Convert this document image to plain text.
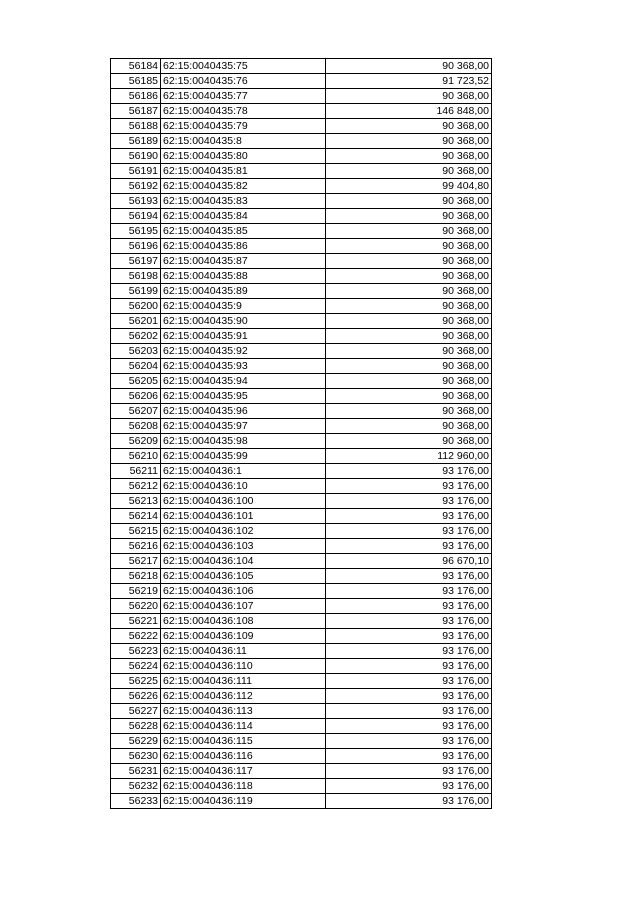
56184	62:15:0040435:75	90 368,00
56185	62:15:0040435:76	91 723,52
56186	62:15:0040435:77	90 368,00
56187	62:15:0040435:78	146 848,00
56188	62:15:0040435:79	90 368,00
56189	62:15:0040435:8	90 368,00
56190	62:15:0040435:80	90 368,00
56191	62:15:0040435:81	90 368,00
56192	62:15:0040435:82	99 404,80
56193	62:15:0040435:83	90 368,00
56194	62:15:0040435:84	90 368,00
56195	62:15:0040435:85	90 368,00
56196	62:15:0040435:86	90 368,00
56197	62:15:0040435:87	90 368,00
56198	62:15:0040435:88	90 368,00
56199	62:15:0040435:89	90 368,00
56200	62:15:0040435:9	90 368,00
56201	62:15:0040435:90	90 368,00
56202	62:15:0040435:91	90 368,00
56203	62:15:0040435:92	90 368,00
56204	62:15:0040435:93	90 368,00
56205	62:15:0040435:94	90 368,00
56206	62:15:0040435:95	90 368,00
56207	62:15:0040435:96	90 368,00
56208	62:15:0040435:97	90 368,00
56209	62:15:0040435:98	90 368,00
56210	62:15:0040435:99	112 960,00
56211	62:15:0040436:1	93 176,00
56212	62:15:0040436:10	93 176,00
56213	62:15:0040436:100	93 176,00
56214	62:15:0040436:101	93 176,00
56215	62:15:0040436:102	93 176,00
56216	62:15:0040436:103	93 176,00
56217	62:15:0040436:104	96 670,10
56218	62:15:0040436:105	93 176,00
56219	62:15:0040436:106	93 176,00
56220	62:15:0040436:107	93 176,00
56221	62:15:0040436:108	93 176,00
56222	62:15:0040436:109	93 176,00
56223	62:15:0040436:11	93 176,00
56224	62:15:0040436:110	93 176,00
56225	62:15:0040436:111	93 176,00
56226	62:15:0040436:112	93 176,00
56227	62:15:0040436:113	93 176,00
56228	62:15:0040436:114	93 176,00
56229	62:15:0040436:115	93 176,00
56230	62:15:0040436:116	93 176,00
56231	62:15:0040436:117	93 176,00
56232	62:15:0040436:118	93 176,00
56233	62:15:0040436:119	93 176,00
